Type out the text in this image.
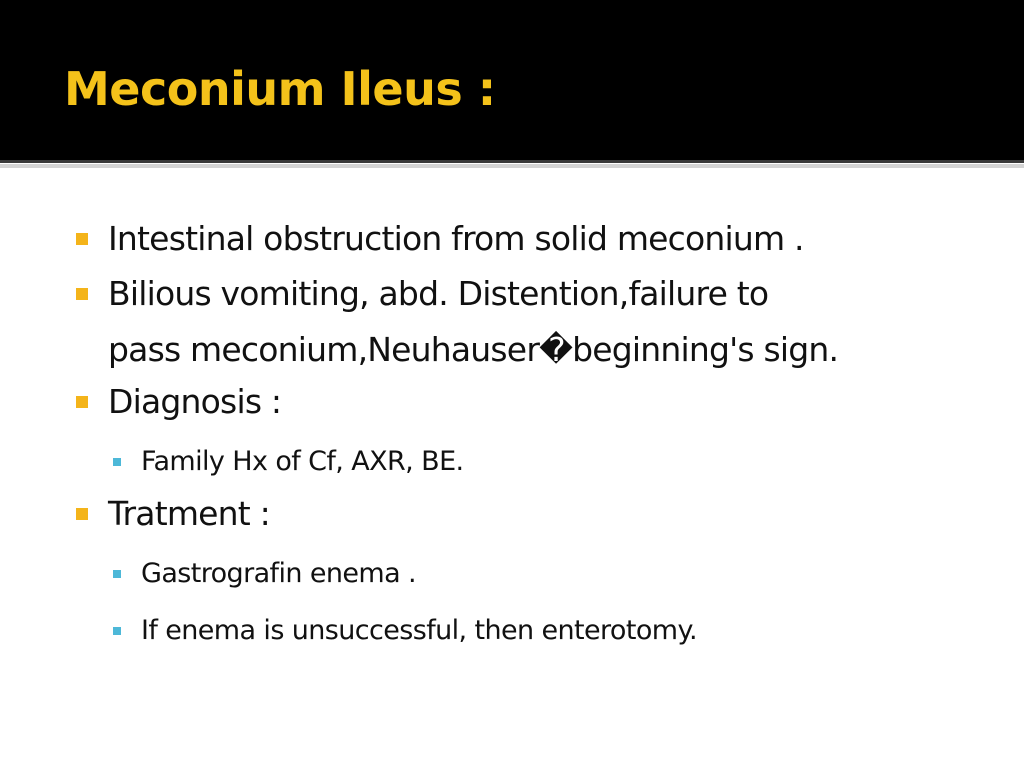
Meconium Ileus :
Intestinal obstruction from solid meconium .
Bilious vomiting, abd. Distention,failure to
pass meconium,Neuhauser�beginning's sign.
Diagnosis :
Family Hx of Cf, AXR, BE.
Tratment :
Gastrografin enema .
If enema is unsuccessful, then enterotomy.
